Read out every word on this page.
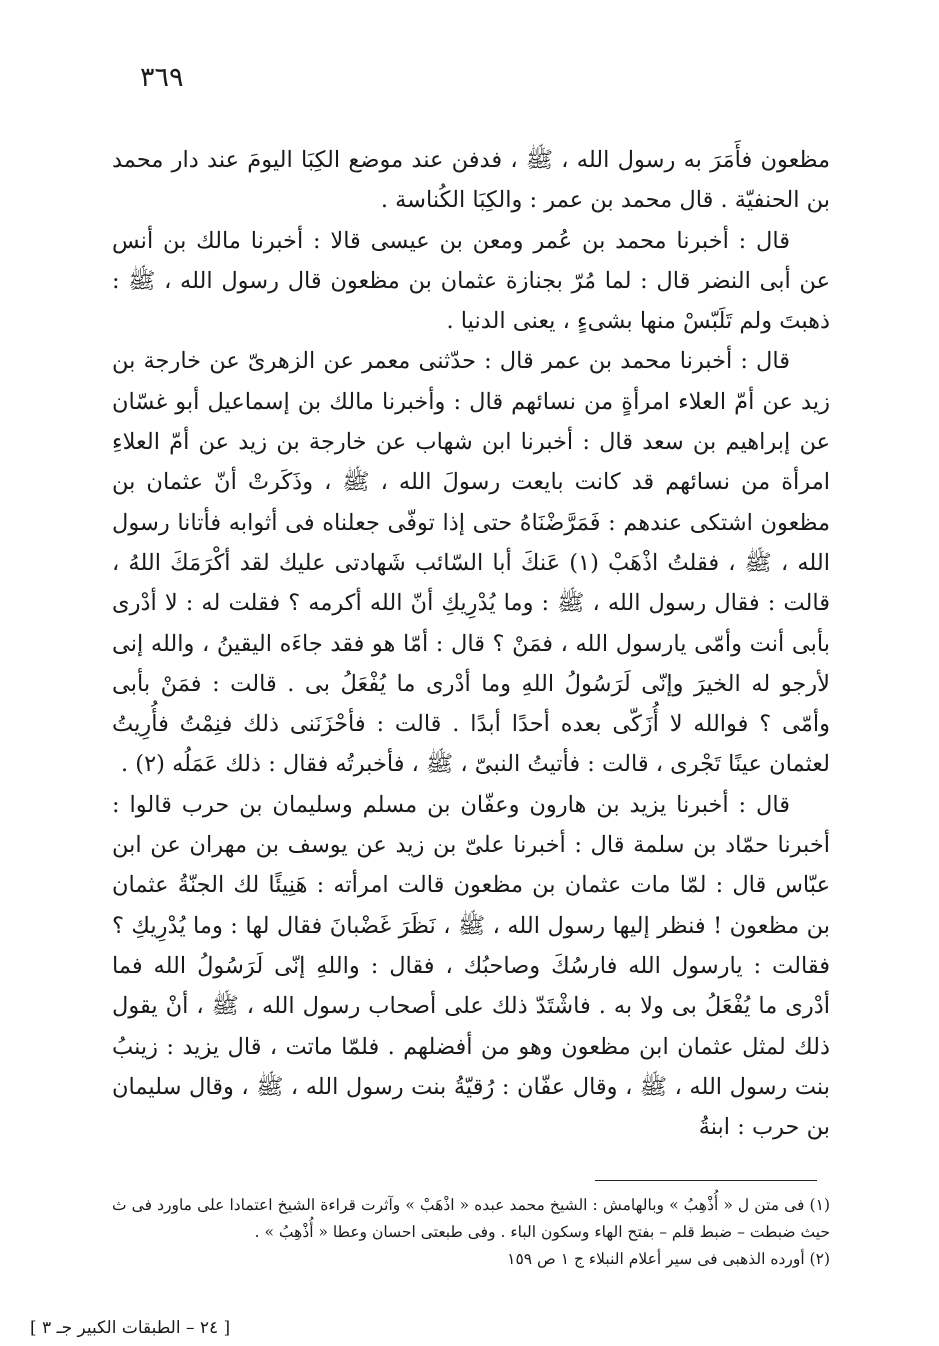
٣٦٩

مظعون فأَمَرَ به رسول الله ، ﷺ ، فدفن عند موضع الكِبَا اليومَ عند دار محمد بن الحنفيّة . قال محمد بن عمر : والكِبَا الكُناسة .

قال : أخبرنا محمد بن عُمر ومعن بن عيسى قالا : أخبرنا مالك بن أنس عن أبى النضر قال : لما مُرّ بجنازة عثمان بن مظعون قال رسول الله ، ﷺ : ذهبتَ ولم تَلَبّسْ منها بشىءٍ ، يعنى الدنيا .

قال : أخبرنا محمد بن عمر قال : حدّثنى معمر عن الزهرىّ عن خارجة بن زيد عن أمّ العلاء امرأةٍ من نسائهم قال : وأخبرنا مالك بن إسماعيل أبو غسّان عن إبراهيم بن سعد قال : أخبرنا ابن شهاب عن خارجة بن زيد عن أمّ العلاءِ امرأة من نسائهم قد كانت بايعت رسولَ الله ، ﷺ ، وذَكَرتْ أنّ عثمان بن مظعون اشتكى عندهم : فَمَرَّضْنَاهُ حتى إذا توفّى جعلناه فى أثوابه فأتانا رسول الله ، ﷺ ، فقلتُ اذْهَبْ (١) عَنكَ أبا السّائب شَهادتى عليك لقد أكْرَمَكَ اللهُ ، قالت : فقال رسول الله ، ﷺ : وما يُدْرِيكِ أنّ الله أكرمه ؟ فقلت له : لا أدْرى بأبى أنت وأمّى يارسول الله ، فمَنْ ؟ قال : أمّا هو فقد جاءَه اليقينُ ، والله إنى لأرجو له الخيرَ وإنّى لَرَسُولُ اللهِ وما أدْرى ما يُفْعَلُ بى . قالت : فمَنْ بأبى وأمّى ؟ فوالله لا أُزَكّى بعده أحدًا أبدًا . قالت : فأحْزَنَنى ذلك فنِمْتُ فأُرِيتُ لعثمان عينًا تَجْرى ، قالت : فأتيتُ النبىّ ، ﷺ ، فأخبرتُه فقال : ذلك عَمَلُه (٢) .

قال : أخبرنا يزيد بن هارون وعفّان بن مسلم وسليمان بن حرب قالوا : أخبرنا حمّاد بن سلمة قال : أخبرنا علىّ بن زيد عن يوسف بن مهران عن ابن عبّاس قال : لمّا مات عثمان بن مظعون قالت امرأته : هَنِيئًا لك الجنّةُ عثمان بن مظعون ! فنظر إليها رسول الله ، ﷺ ، نَظَرَ غَضْبانَ فقال لها : وما يُدْرِيكِ ؟ فقالت : يارسول الله فارسُكَ وصاحبُك ، فقال : واللهِ إنّى لَرَسُولُ الله فما أدْرى ما يُفْعَلُ بى ولا به . فاشْتَدّ ذلك على أصحاب رسول الله ، ﷺ ، أنْ يقول ذلك لمثل عثمان ابن مظعون وهو من أفضلهم . فلمّا ماتت ، قال يزيد : زينبُ بنت رسول الله ، ﷺ ، وقال عفّان : رُقيّةُ بنت رسول الله ، ﷺ ، وقال سليمان بن حرب : ابنةُ

(١) فى متن ل « أُذْهِبُ » وبالهامش : الشيخ محمد عبده « اذْهَبْ » وآثرت قراءة الشيخ اعتمادا على ماورد فى ث حيث ضبطت – ضبط قلم – بفتح الهاء وسكون الباء . وفى طبعتى احسان وعطا « أُذْهِبُ » .

(٢) أورده الذهبى فى سير أعلام النبلاء ج ١ ص ١٥٩

[ ٢٤ – الطبقات الكبير جـ ٣ ]
